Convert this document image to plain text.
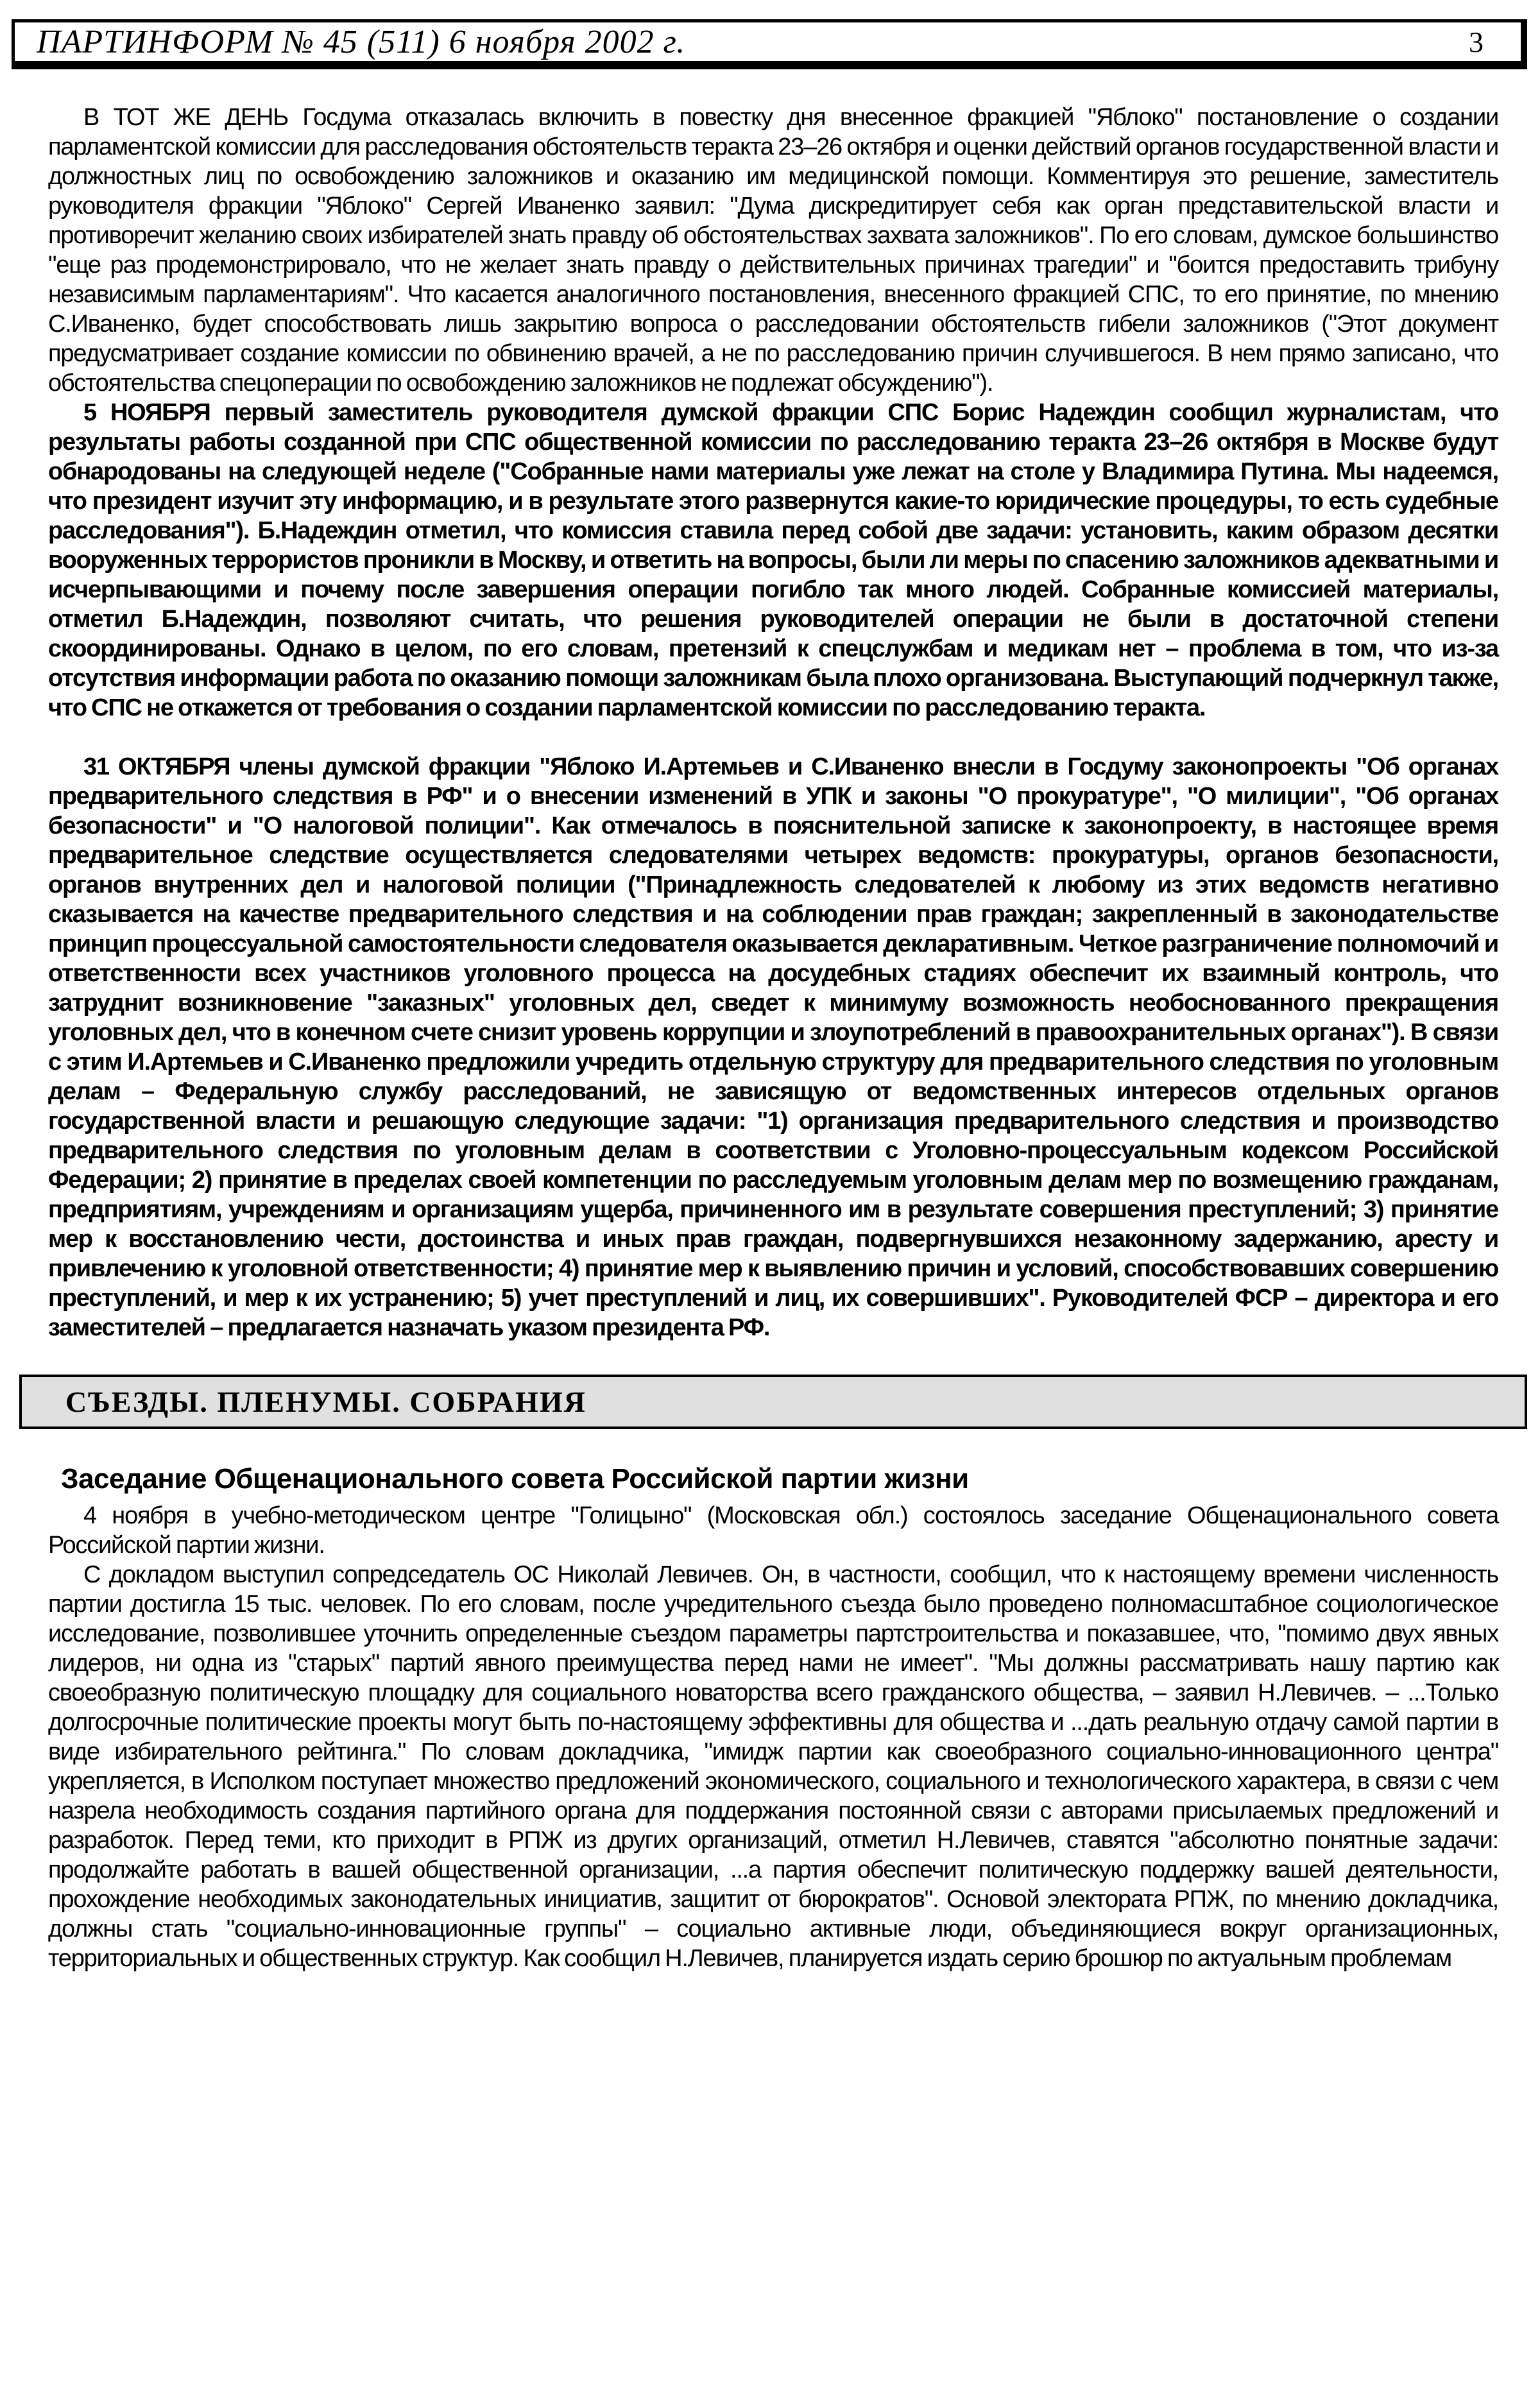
ПАРТИНФОРМ № 45 (511) 6 ноября 2002 г.	3

В ТОТ ЖЕ ДЕНЬ Госдума отказалась включить в повестку дня внесенное фракцией "Яблоко" постановление о создании парламентской комиссии для расследования обстоятельств теракта 23–26 октября и оценки действий органов государственной власти и должностных лиц по освобождению заложников и оказанию им медицинской помощи. Комментируя это решение, заместитель руководителя фракции "Яблоко" Сергей Иваненко заявил: "Дума дискредитирует себя как орган представительской власти и противоречит желанию своих избирателей знать правду об обстоятельствах захвата заложников". По его словам, думское большинство "еще раз продемонстрировало, что не желает знать правду о действительных причинах трагедии" и "боится предоставить трибуну независимым парламентариям". Что касается аналогичного постановления, внесенного фракцией СПС, то его принятие, по мнению С.Иваненко, будет способствовать лишь закрытию вопроса о расследовании обстоятельств гибели заложников ("Этот документ предусматривает создание комиссии по обвинению врачей, а не по расследованию причин случившегося. В нем прямо записано, что обстоятельства спецоперации по освобождению заложников не подлежат обсуждению").

5 НОЯБРЯ первый заместитель руководителя думской фракции СПС Борис Надеждин сообщил журналистам, что результаты работы созданной при СПС общественной комиссии по расследованию теракта 23–26 октября в Москве будут обнародованы на следующей неделе ("Собранные нами материалы уже лежат на столе у Владимира Путина. Мы надеемся, что президент изучит эту информацию, и в результате этого развернутся какие-то юридические процедуры, то есть судебные расследования"). Б.Надеждин отметил, что комиссия ставила перед собой две задачи: установить, каким образом десятки вооруженных террористов проникли в Москву, и ответить на вопросы, были ли меры по спасению заложников адекватными и исчерпывающими и почему после завершения операции погибло так много людей. Собранные комиссией материалы, отметил Б.Надеждин, позволяют считать, что решения руководителей операции не были в достаточной степени скоординированы. Однако в целом, по его словам, претензий к спецслужбам и медикам нет – проблема в том, что из-за отсутствия информации работа по оказанию помощи заложникам была плохо организована. Выступающий подчеркнул также, что СПС не откажется от требования о создании парламентской комиссии по расследованию теракта.

31 ОКТЯБРЯ члены думской фракции "Яблоко И.Артемьев и С.Иваненко внесли в Госдуму законопроекты "Об органах предварительного следствия в РФ" и о внесении изменений в УПК и законы "О прокуратуре", "О милиции", "Об органах безопасности" и "О налоговой полиции". Как отмечалось в пояснительной записке к законопроекту, в настоящее время предварительное следствие осуществляется следователями четырех ведомств: прокуратуры, органов безопасности, органов внутренних дел и налоговой полиции ("Принадлежность следователей к любому из этих ведомств негативно сказывается на качестве предварительного следствия и на соблюдении прав граждан; закрепленный в законодательстве принцип процессуальной самостоятельности следователя оказывается декларативным. Четкое разграничение полномочий и ответственности всех участников уголовного процесса на досудебных стадиях обеспечит их взаимный контроль, что затруднит возникновение "заказных" уголовных дел, сведет к минимуму возможность необоснованного прекращения уголовных дел, что в конечном счете снизит уровень коррупции и злоупотреблений в правоохранительных органах"). В связи с этим И.Артемьев и С.Иваненко предложили учредить отдельную структуру для предварительного следствия по уголовным делам – Федеральную службу расследований, не зависящую от ведомственных интересов отдельных органов государственной власти и решающую следующие задачи: "1) организация предварительного следствия и производство предварительного следствия по уголовным делам в соответствии с Уголовно-процессуальным кодексом Российской Федерации; 2) принятие в пределах своей компетенции по расследуемым уголовным делам мер по возмещению гражданам, предприятиям, учреждениям и организациям ущерба, причиненного им в результате совершения преступлений; 3) принятие мер к восстановлению чести, достоинства и иных прав граждан, подвергнувшихся незаконному задержанию, аресту и привлечению к уголовной ответственности; 4) принятие мер к выявлению причин и условий, способствовавших совершению преступлений, и мер к их устранению; 5) учет преступлений и лиц, их совершивших". Руководителей ФСР – директора и его заместителей – предлагается назначать указом президента РФ.

СЪЕЗДЫ. ПЛЕНУМЫ. СОБРАНИЯ
Заседание Общенационального совета Российской партии жизни

4 ноября в учебно-методическом центре "Голицыно" (Московская обл.) состоялось заседание Общенационального совета Российской партии жизни.

С докладом выступил сопредседатель ОС Николай Левичев. Он, в частности, сообщил, что к настоящему времени численность партии достигла 15 тыс. человек. По его словам, после учредительного съезда было проведено полномасштабное социологическое исследование, позволившее уточнить определенные съездом параметры партстроительства и показавшее, что, "помимо двух явных лидеров, ни одна из "старых" партий явного преимущества перед нами не имеет". "Мы должны рассматривать нашу партию как своеобразную политическую площадку для социального новаторства всего гражданского общества, – заявил Н.Левичев. – ...Только долгосрочные политические проекты могут быть по-настоящему эффективны для общества и ...дать реальную отдачу самой партии в виде избирательного рейтинга." По словам докладчика, "имидж партии как своеобразного социально-инновационного центра" укрепляется, в Исполком поступает множество предложений экономического, социального и технологического характера, в связи с чем назрела необходимость создания партийного органа для поддержания постоянной связи с авторами присылаемых предложений и разработок. Перед теми, кто приходит в РПЖ из других организаций, отметил Н.Левичев, ставятся "абсолютно понятные задачи: продолжайте работать в вашей общественной организации, ...а партия обеспечит политическую поддержку вашей деятельности, прохождение необходимых законодательных инициатив, защитит от бюрократов". Основой электората РПЖ, по мнению докладчика, должны стать "социально-инновационные группы" – социально активные люди, объединяющиеся вокруг организационных, территориальных и общественных структур. Как сообщил Н.Левичев, планируется издать серию брошюр по актуальным проблемам
